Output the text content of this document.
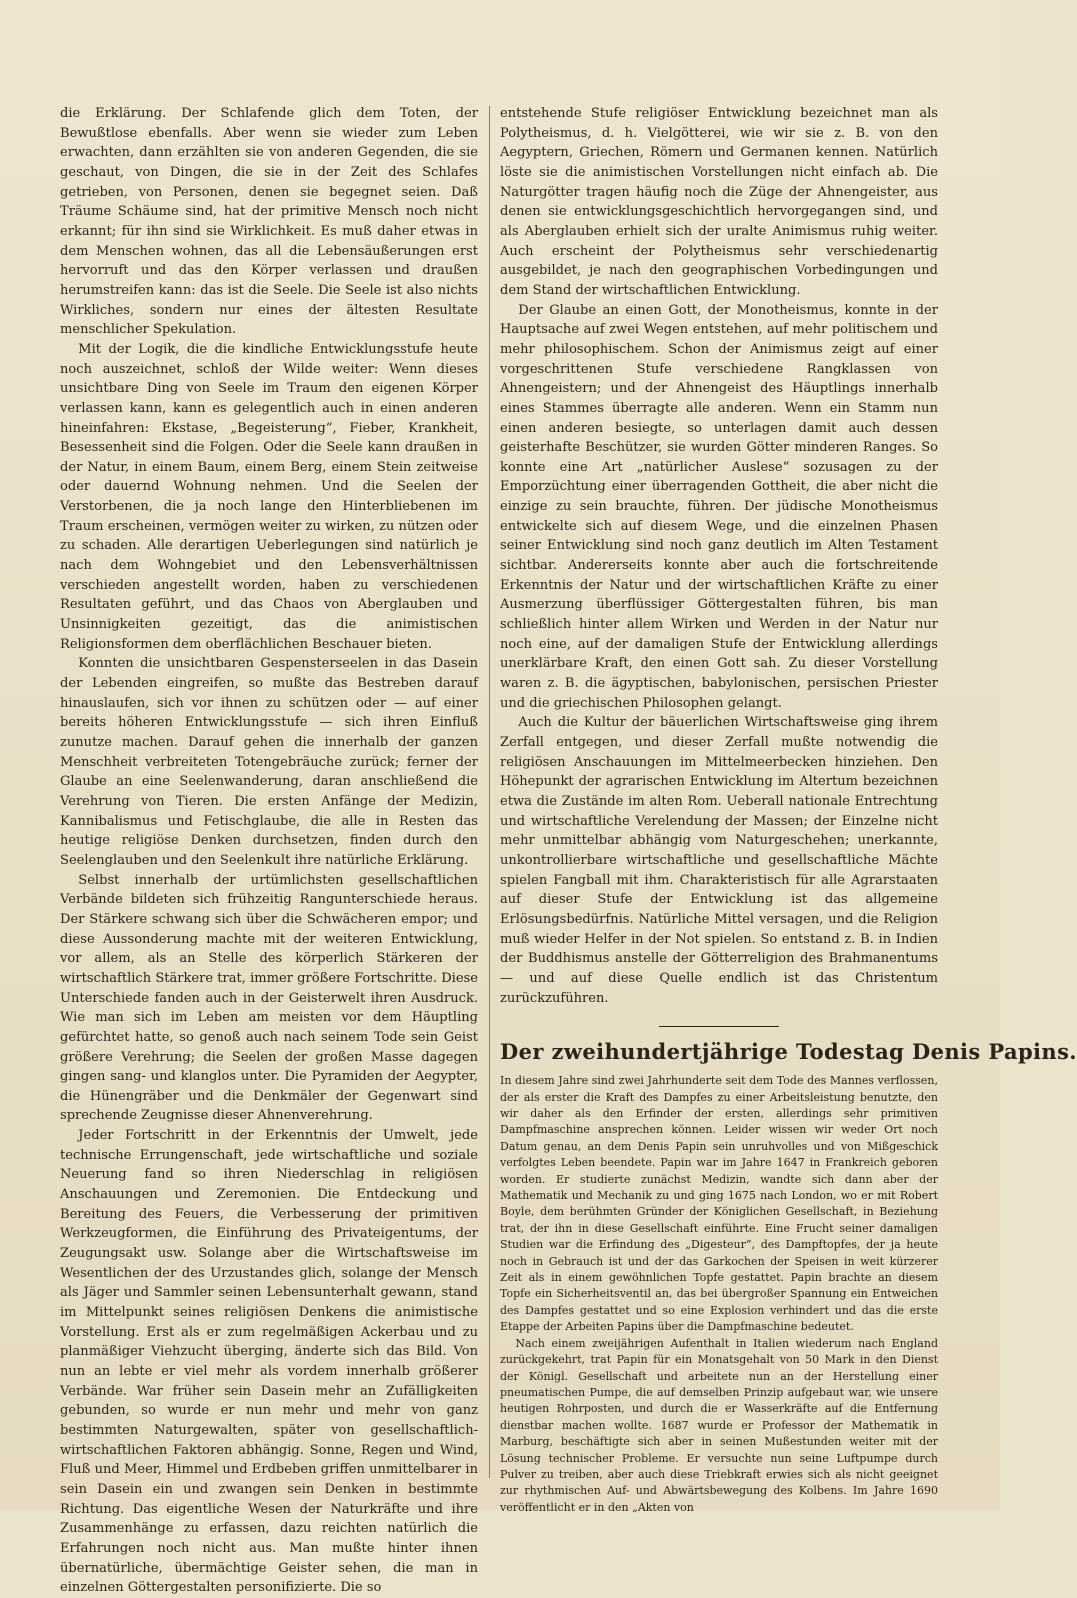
die Erklärung. Der Schlafende glich dem Toten, der Bewußtlose ebenfalls. Aber wenn sie wieder zum Leben erwachten, dann erzählten sie von anderen Gegenden, die sie geschaut, von Dingen, die sie in der Zeit des Schlafes getrieben, von Personen, denen sie begegnet seien. Daß Träume Schäume sind, hat der primitive Mensch noch nicht erkannt; für ihn sind sie Wirklichkeit. Es muß daher etwas in dem Menschen wohnen, das all die Lebensäußerungen erst hervorruft und das den Körper verlassen und draußen herumstreifen kann: das ist die Seele. Die Seele ist also nichts Wirkliches, sondern nur eines der ältesten Resultate menschlicher Spekulation.

Mit der Logik, die die kindliche Entwicklungsstufe heute noch auszeichnet, schloß der Wilde weiter: Wenn dieses unsichtbare Ding von Seele im Traum den eigenen Körper verlassen kann, kann es gelegentlich auch in einen anderen hineinfahren: Ekstase, „Begeisterung“, Fieber, Krankheit, Besessenheit sind die Folgen. Oder die Seele kann draußen in der Natur, in einem Baum, einem Berg, einem Stein zeitweise oder dauernd Wohnung nehmen. Und die Seelen der Verstorbenen, die ja noch lange den Hinterbliebenen im Traum erscheinen, vermögen weiter zu wirken, zu nützen oder zu schaden. Alle derartigen Ueberlegungen sind natürlich je nach dem Wohngebiet und den Lebensverhältnissen verschieden angestellt worden, haben zu verschiedenen Resultaten geführt, und das Chaos von Aberglauben und Unsinnigkeiten gezeitigt, das die animistischen Religionsformen dem oberflächlichen Beschauer bieten.

Konnten die unsichtbaren Gespensterseelen in das Dasein der Lebenden eingreifen, so mußte das Bestreben darauf hinauslaufen, sich vor ihnen zu schützen oder — auf einer bereits höheren Entwicklungsstufe — sich ihren Einfluß zunutze machen. Darauf gehen die innerhalb der ganzen Menschheit verbreiteten Totengebräuche zurück; ferner der Glaube an eine Seelenwanderung, daran anschließend die Verehrung von Tieren. Die ersten Anfänge der Medizin, Kannibalismus und Fetischglaube, die alle in Resten das heutige religiöse Denken durchsetzen, finden durch den Seelenglauben und den Seelenkult ihre natürliche Erklärung.

Selbst innerhalb der urtümlichsten gesellschaftlichen Verbände bildeten sich frühzeitig Rangunterschiede heraus. Der Stärkere schwang sich über die Schwächeren empor; und diese Aussonderung machte mit der weiteren Entwicklung, vor allem, als an Stelle des körperlich Stärkeren der wirtschaftlich Stärkere trat, immer größere Fortschritte. Diese Unterschiede fanden auch in der Geisterwelt ihren Ausdruck. Wie man sich im Leben am meisten vor dem Häuptling gefürchtet hatte, so genoß auch nach seinem Tode sein Geist größere Verehrung; die Seelen der großen Masse dagegen gingen sang- und klanglos unter. Die Pyramiden der Aegypter, die Hünengräber und die Denkmäler der Gegenwart sind sprechende Zeugnisse dieser Ahnenverehrung.

Jeder Fortschritt in der Erkenntnis der Umwelt, jede technische Errungenschaft, jede wirtschaftliche und soziale Neuerung fand so ihren Niederschlag in religiösen Anschauungen und Zeremonien. Die Entdeckung und Bereitung des Feuers, die Verbesserung der primitiven Werkzeugformen, die Einführung des Privateigentums, der Zeugungsakt usw. Solange aber die Wirtschaftsweise im Wesentlichen der des Urzustandes glich, solange der Mensch als Jäger und Sammler seinen Lebensunterhalt gewann, stand im Mittelpunkt seines religiösen Denkens die animistische Vorstellung. Erst als er zum regelmäßigen Ackerbau und zu planmäßiger Viehzucht überging, änderte sich das Bild. Von nun an lebte er viel mehr als vordem innerhalb größerer Verbände. War früher sein Dasein mehr an Zufälligkeiten gebunden, so wurde er nun mehr und mehr von ganz bestimmten Naturgewalten, später von gesellschaftlich-wirtschaftlichen Faktoren abhängig. Sonne, Regen und Wind, Fluß und Meer, Himmel und Erdbeben griffen unmittelbarer in sein Dasein ein und zwangen sein Denken in bestimmte Richtung. Das eigentliche Wesen der Naturkräfte und ihre Zusammenhänge zu erfassen, dazu reichten natürlich die Erfahrungen noch nicht aus. Man mußte hinter ihnen übernatürliche, übermächtige Geister sehen, die man in einzelnen Göttergestalten personifizierte. Die so

entstehende Stufe religiöser Entwicklung bezeichnet man als Polytheismus, d. h. Vielgötterei, wie wir sie z. B. von den Aegyptern, Griechen, Römern und Germanen kennen. Natürlich löste sie die animistischen Vorstellungen nicht einfach ab. Die Naturgötter tragen häufig noch die Züge der Ahnengeister, aus denen sie entwicklungsgeschichtlich hervorgegangen sind, und als Aberglauben erhielt sich der uralte Animismus ruhig weiter. Auch erscheint der Polytheismus sehr verschiedenartig ausgebildet, je nach den geographischen Vorbedingungen und dem Stand der wirtschaftlichen Entwicklung.

Der Glaube an einen Gott, der Monotheismus, konnte in der Hauptsache auf zwei Wegen entstehen, auf mehr politischem und mehr philosophischem. Schon der Animismus zeigt auf einer vorgeschrittenen Stufe verschiedene Rangklassen von Ahnengeistern; und der Ahnengeist des Häuptlings innerhalb eines Stammes überragte alle anderen. Wenn ein Stamm nun einen anderen besiegte, so unterlagen damit auch dessen geisterhafte Beschützer, sie wurden Götter minderen Ranges. So konnte eine Art „natürlicher Auslese“ sozusagen zu der Emporzüchtung einer überragenden Gottheit, die aber nicht die einzige zu sein brauchte, führen. Der jüdische Monotheismus entwickelte sich auf diesem Wege, und die einzelnen Phasen seiner Entwicklung sind noch ganz deutlich im Alten Testament sichtbar. Andererseits konnte aber auch die fortschreitende Erkenntnis der Natur und der wirtschaftlichen Kräfte zu einer Ausmerzung überflüssiger Göttergestalten führen, bis man schließlich hinter allem Wirken und Werden in der Natur nur noch eine, auf der damaligen Stufe der Entwicklung allerdings unerklärbare Kraft, den einen Gott sah. Zu dieser Vorstellung waren z. B. die ägyptischen, babylonischen, persischen Priester und die griechischen Philosophen gelangt.

Auch die Kultur der bäuerlichen Wirtschaftsweise ging ihrem Zerfall entgegen, und dieser Zerfall mußte notwendig die religiösen Anschauungen im Mittelmeerbecken hinziehen. Den Höhepunkt der agrarischen Entwicklung im Altertum bezeichnen etwa die Zustände im alten Rom. Ueberall nationale Entrechtung und wirtschaftliche Verelendung der Massen; der Einzelne nicht mehr unmittelbar abhängig vom Naturgeschehen; unerkannte, unkontrollierbare wirtschaftliche und gesellschaftliche Mächte spielen Fangball mit ihm. Charakteristisch für alle Agrarstaaten auf dieser Stufe der Entwicklung ist das allgemeine Erlösungsbedürfnis. Natürliche Mittel versagen, und die Religion muß wieder Helfer in der Not spielen. So entstand z. B. in Indien der Buddhismus anstelle der Götterreligion des Brahmanentums — und auf diese Quelle endlich ist das Christentum zurückzuführen.

Der zweihundertjährige Todestag Denis Papins.

In diesem Jahre sind zwei Jahrhunderte seit dem Tode des Mannes verflossen, der als erster die Kraft des Dampfes zu einer Arbeitsleistung benutzte, den wir daher als den Erfinder der ersten, allerdings sehr primitiven Dampfmaschine ansprechen können. Leider wissen wir weder Ort noch Datum genau, an dem Denis Papin sein unruhvolles und von Mißgeschick verfolgtes Leben beendete. Papin war im Jahre 1647 in Frankreich geboren worden. Er studierte zunächst Medizin, wandte sich dann aber der Mathematik und Mechanik zu und ging 1675 nach London, wo er mit Robert Boyle, dem berühmten Gründer der Königlichen Gesellschaft, in Beziehung trat, der ihn in diese Gesellschaft einführte. Eine Frucht seiner damaligen Studien war die Erfindung des „Digesteur“, des Dampftopfes, der ja heute noch in Gebrauch ist und der das Garkochen der Speisen in weit kürzerer Zeit als in einem gewöhnlichen Topfe gestattet. Papin brachte an diesem Topfe ein Sicherheitsventil an, das bei übergroßer Spannung ein Entweichen des Dampfes gestattet und so eine Explosion verhindert und das die erste Etappe der Arbeiten Papins über die Dampfmaschine bedeutet.

Nach einem zweijährigen Aufenthalt in Italien wiederum nach England zurückgekehrt, trat Papin für ein Monatsgehalt von 50 Mark in den Dienst der Königl. Gesellschaft und arbeitete nun an der Herstellung einer pneumatischen Pumpe, die auf demselben Prinzip aufgebaut war, wie unsere heutigen Rohrposten, und durch die er Wasserkräfte auf die Entfernung dienstbar machen wollte. 1687 wurde er Professor der Mathematik in Marburg, beschäftigte sich aber in seinen Mußestunden weiter mit der Lösung technischer Probleme. Er versuchte nun seine Luftpumpe durch Pulver zu treiben, aber auch diese Triebkraft erwies sich als nicht geeignet zur rhythmischen Auf- und Abwärtsbewegung des Kolbens. Im Jahre 1690 veröffentlicht er in den „Akten von
